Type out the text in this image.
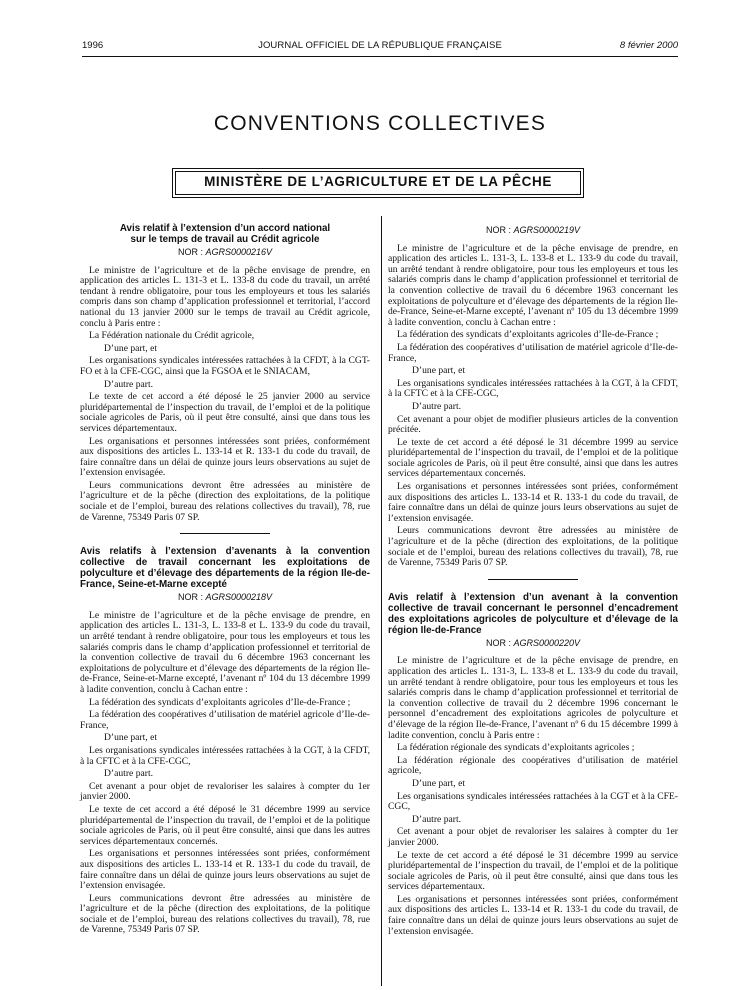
1996	JOURNAL OFFICIEL DE LA RÉPUBLIQUE FRANÇAISE	8 février 2000
CONVENTIONS COLLECTIVES
MINISTÈRE DE L’AGRICULTURE ET DE LA PÊCHE
Avis relatif à l’extension d’un accord national
sur le temps de travail au Crédit agricole
NOR : AGRS0000216V

Le ministre de l’agriculture et de la pêche envisage de prendre, en application des articles L. 131-3 et L. 133-8 du code du travail, un arrêté tendant à rendre obligatoire, pour tous les employeurs et tous les salariés compris dans son champ d’application professionnel et territorial, l’accord national du 13 janvier 2000 sur le temps de travail au Crédit agricole, conclu à Paris entre :

La Fédération nationale du Crédit agricole,

D’une part, et

Les organisations syndicales intéressées rattachées à la CFDT, à la CGT-FO et à la CFE-CGC, ainsi que la FGSOA et le SNIACAM,

D’autre part.

Le texte de cet accord a été déposé le 25 janvier 2000 au service pluridépartemental de l’inspection du travail, de l’emploi et de la politique sociale agricoles de Paris, où il peut être consulté, ainsi que dans tous les services départementaux.

Les organisations et personnes intéressées sont priées, conformément aux dispositions des articles L. 133-14 et R. 133-1 du code du travail, de faire connaître dans un délai de quinze jours leurs observations au sujet de l’extension envisagée.

Leurs communications devront être adressées au ministère de l’agriculture et de la pêche (direction des exploitations, de la politique sociale et de l’emploi, bureau des relations collectives du travail), 78, rue de Varenne, 75349 Paris 07 SP.

Avis relatifs à l’extension d’avenants à la convention collective de travail concernant les exploitations de polyculture et d’élevage des départements de la région Ile-de-France, Seine-et-Marne excepté
NOR : AGRS0000218V

Le ministre de l’agriculture et de la pêche envisage de prendre, en application des articles L. 131-3, L. 133-8 et L. 133-9 du code du travail, un arrêté tendant à rendre obligatoire, pour tous les employeurs et tous les salariés compris dans le champ d’application professionnel et territorial de la convention collective de travail du 6 décembre 1963 concernant les exploitations de polyculture et d’élevage des départements de la région Ile-de-France, Seine-et-Marne excepté, l’avenant nº 104 du 13 décembre 1999 à ladite convention, conclu à Cachan entre :

La fédération des syndicats d’exploitants agricoles d’Ile-de-France ;

La fédération des coopératives d’utilisation de matériel agricole d’Ile-de-France,

D’une part, et

Les organisations syndicales intéressées rattachées à la CGT, à la CFDT, à la CFTC et à la CFE-CGC,

D’autre part.

Cet avenant a pour objet de revaloriser les salaires à compter du 1er janvier 2000.

Le texte de cet accord a été déposé le 31 décembre 1999 au service pluridépartemental de l’inspection du travail, de l’emploi et de la politique sociale agricoles de Paris, où il peut être consulté, ainsi que dans les autres services départementaux concernés.

Les organisations et personnes intéressées sont priées, conformément aux dispositions des articles L. 133-14 et R. 133-1 du code du travail, de faire connaître dans un délai de quinze jours leurs observations au sujet de l’extension envisagée.

Leurs communications devront être adressées au ministère de l’agriculture et de la pêche (direction des exploitations, de la politique sociale et de l’emploi, bureau des relations collectives du travail), 78, rue de Varenne, 75349 Paris 07 SP.

NOR : AGRS0000219V

Le ministre de l’agriculture et de la pêche envisage de prendre, en application des articles L. 131-3, L. 133-8 et L. 133-9 du code du travail, un arrêté tendant à rendre obligatoire, pour tous les employeurs et tous les salariés compris dans le champ d’application professionnel et territorial de la convention collective de travail du 6 décembre 1963 concernant les exploitations de polyculture et d’élevage des départements de la région Ile-de-France, Seine-et-Marne excepté, l’avenant nº 105 du 13 décembre 1999 à ladite convention, conclu à Cachan entre :

La fédération des syndicats d’exploitants agricoles d’Ile-de-France ;

La fédération des coopératives d’utilisation de matériel agricole d’Ile-de-France,

D’une part, et

Les organisations syndicales intéressées rattachées à la CGT, à la CFDT, à la CFTC et à la CFE-CGC,

D’autre part.

Cet avenant a pour objet de modifier plusieurs articles de la convention précitée.

Le texte de cet accord a été déposé le 31 décembre 1999 au service pluridépartemental de l’inspection du travail, de l’emploi et de la politique sociale agricoles de Paris, où il peut être consulté, ainsi que dans les autres services départementaux concernés.

Les organisations et personnes intéressées sont priées, conformément aux dispositions des articles L. 133-14 et R. 133-1 du code du travail, de faire connaître dans un délai de quinze jours leurs observations au sujet de l’extension envisagée.

Leurs communications devront être adressées au ministère de l’agriculture et de la pêche (direction des exploitations, de la politique sociale et de l’emploi, bureau des relations collectives du travail), 78, rue de Varenne, 75349 Paris 07 SP.

Avis relatif à l’extension d’un avenant à la convention collective de travail concernant le personnel d’encadrement des exploitations agricoles de polyculture et d’élevage de la région Ile-de-France
NOR : AGRS0000220V

Le ministre de l’agriculture et de la pêche envisage de prendre, en application des articles L. 131-3, L. 133-8 et L. 133-9 du code du travail, un arrêté tendant à rendre obligatoire, pour tous les employeurs et tous les salariés compris dans le champ d’application professionnel et territorial de la convention collective de travail du 2 décembre 1996 concernant le personnel d’encadrement des exploitations agricoles de polyculture et d’élevage de la région Ile-de-France, l’avenant nº 6 du 15 décembre 1999 à ladite convention, conclu à Paris entre :

La fédération régionale des syndicats d’exploitants agricoles ;

La fédération régionale des coopératives d’utilisation de matériel agricole,

D’une part, et

Les organisations syndicales intéressées rattachées à la CGT et à la CFE-CGC,

D’autre part.

Cet avenant a pour objet de revaloriser les salaires à compter du 1er janvier 2000.

Le texte de cet accord a été déposé le 31 décembre 1999 au service pluridépartemental de l’inspection du travail, de l’emploi et de la politique sociale agricoles de Paris, où il peut être consulté, ainsi que dans tous les services départementaux.

Les organisations et personnes intéressées sont priées, conformément aux dispositions des articles L. 133-14 et R. 133-1 du code du travail, de faire connaître dans un délai de quinze jours leurs observations au sujet de l’extension envisagée.
